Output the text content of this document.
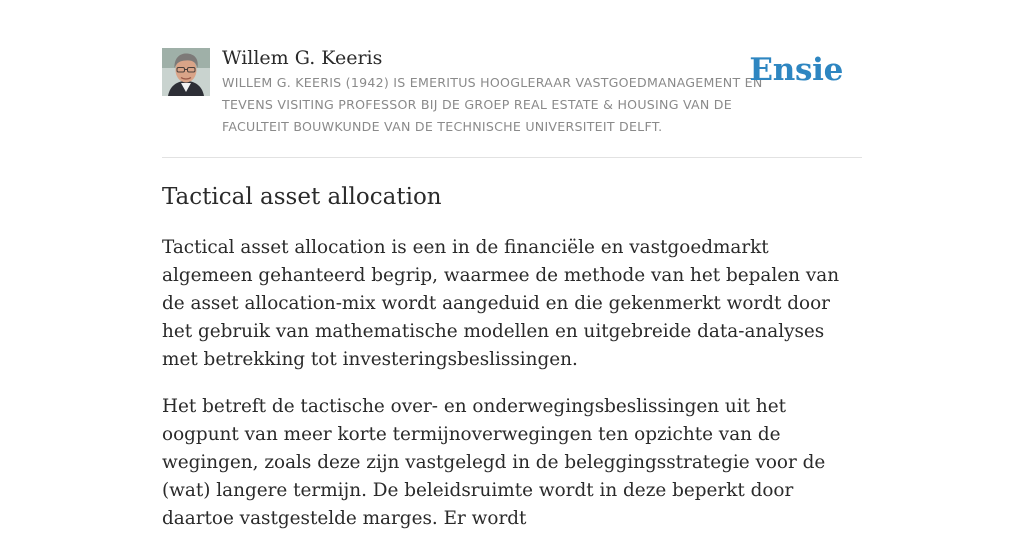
Willem G. Keeris
WILLEM G. KEERIS (1942) IS EMERITUS HOOGLERAAR VASTGOEDMANAGEMENT EN TEVENS VISITING PROFESSOR BIJ DE GROEP REAL ESTATE & HOUSING VAN DE FACULTEIT BOUWKUNDE VAN DE TECHNISCHE UNIVERSITEIT DELFT.
Ensie
Tactical asset allocation

Tactical asset allocation is een in de financiële en vastgoedmarkt algemeen gehanteerd begrip, waarmee de methode van het bepalen van de asset allocation-mix wordt aangeduid en die gekenmerkt wordt door het gebruik van mathematische modellen en uitgebreide data-analyses met betrekking tot investeringsbeslissingen.

Het betreft de tactische over- en onderwegingsbeslissingen uit het oogpunt van meer korte termijnoverwegingen ten opzichte van de wegingen, zoals deze zijn vastgelegd in de beleggingsstrategie voor de (wat) langere termijn. De beleidsruimte wordt in deze beperkt door daartoe vastgestelde marges. Er wordt
